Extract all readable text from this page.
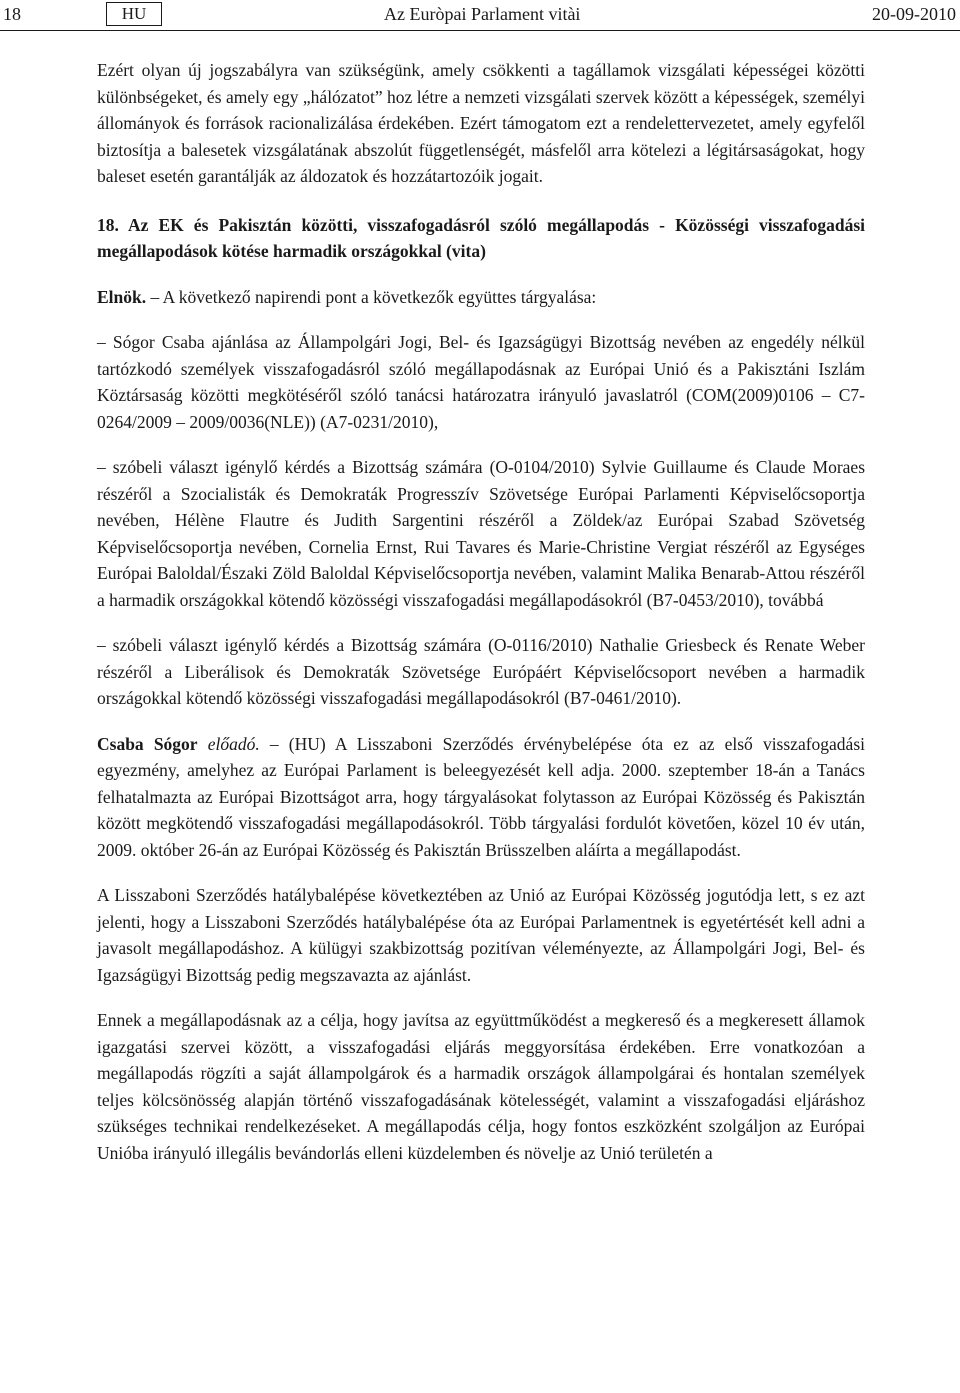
18	HU	Az Euròpai Parlament vitài	20-09-2010

Ezért olyan új jogszabályra van szükségünk, amely csökkenti a tagállamok vizsgálati képességei közötti különbségeket, és amely egy „hálózatot” hoz létre a nemzeti vizsgálati szervek között a képességek, személyi állományok és források racionalizálása érdekében. Ezért támogatom ezt a rendelettervezetet, amely egyfelől biztosítja a balesetek vizsgálatának abszolút függetlenségét, másfelől arra kötelezi a légitársaságokat, hogy baleset esetén garantálják az áldozatok és hozzátartozóik jogait.

18. Az EK és Pakisztán közötti, visszafogadásról szóló megállapodás - Közösségi visszafogadási megállapodások kötése harmadik országokkal (vita)

Elnök. – A következő napirendi pont a következők együttes tárgyalása:

– Sógor Csaba ajánlása az Állampolgári Jogi, Bel- és Igazságügyi Bizottság nevében az engedély nélkül tartózkodó személyek visszafogadásról szóló megállapodásnak az Európai Unió és a Pakisztáni Iszlám Köztársaság közötti megkötéséről szóló tanácsi határozatra irányuló javaslatról (COM(2009)0106 – C7-0264/2009 – 2009/0036(NLE)) (A7-0231/2010),

– szóbeli választ igénylő kérdés a Bizottság számára (O-0104/2010) Sylvie Guillaume és Claude Moraes részéről a Szocialisták és Demokraták Progresszív Szövetsége Európai Parlamenti Képviselőcsoportja nevében, Hélène Flautre és Judith Sargentini részéről a Zöldek/az Európai Szabad Szövetség Képviselőcsoportja nevében, Cornelia Ernst, Rui Tavares és Marie-Christine Vergiat részéről az Egységes Európai Baloldal/Északi Zöld Baloldal Képviselőcsoportja nevében, valamint Malika Benarab-Attou részéről a harmadik országokkal kötendő közösségi visszafogadási megállapodásokról (B7-0453/2010), továbbá

– szóbeli választ igénylő kérdés a Bizottság számára (O-0116/2010) Nathalie Griesbeck és Renate Weber részéről a Liberálisok és Demokraták Szövetsége Európáért Képviselőcsoport nevében a harmadik országokkal kötendő közösségi visszafogadási megállapodásokról (B7-0461/2010).

Csaba Sógor előadó. – (HU) A Lisszaboni Szerződés érvénybelépése óta ez az első visszafogadási egyezmény, amelyhez az Európai Parlament is beleegyezését kell adja. 2000. szeptember 18-án a Tanács felhatalmazta az Európai Bizottságot arra, hogy tárgyalásokat folytasson az Európai Közösség és Pakisztán között megkötendő visszafogadási megállapodásokról. Több tárgyalási fordulót követően, közel 10 év után, 2009. október 26-án az Európai Közösség és Pakisztán Brüsszelben aláírta a megállapodást.

A Lisszaboni Szerződés hatálybalépése következtében az Unió az Európai Közösség jogutódja lett, s ez azt jelenti, hogy a Lisszaboni Szerződés hatálybalépése óta az Európai Parlamentnek is egyetértését kell adni a javasolt megállapodáshoz. A külügyi szakbizottság pozitívan véleményezte, az Állampolgári Jogi, Bel- és Igazságügyi Bizottság pedig megszavazta az ajánlást.

Ennek a megállapodásnak az a célja, hogy javítsa az együttműködést a megkereső és a megkeresett államok igazgatási szervei között, a visszafogadási eljárás meggyorsítása érdekében. Erre vonatkozóan a megállapodás rögzíti a saját állampolgárok és a harmadik országok állampolgárai és hontalan személyek teljes kölcsönösség alapján történő visszafogadásának kötelességét, valamint a visszafogadási eljáráshoz szükséges technikai rendelkezéseket. A megállapodás célja, hogy fontos eszközként szolgáljon az Európai Unióba irányuló illegális bevándorlás elleni küzdelemben és növelje az Unió területén a
